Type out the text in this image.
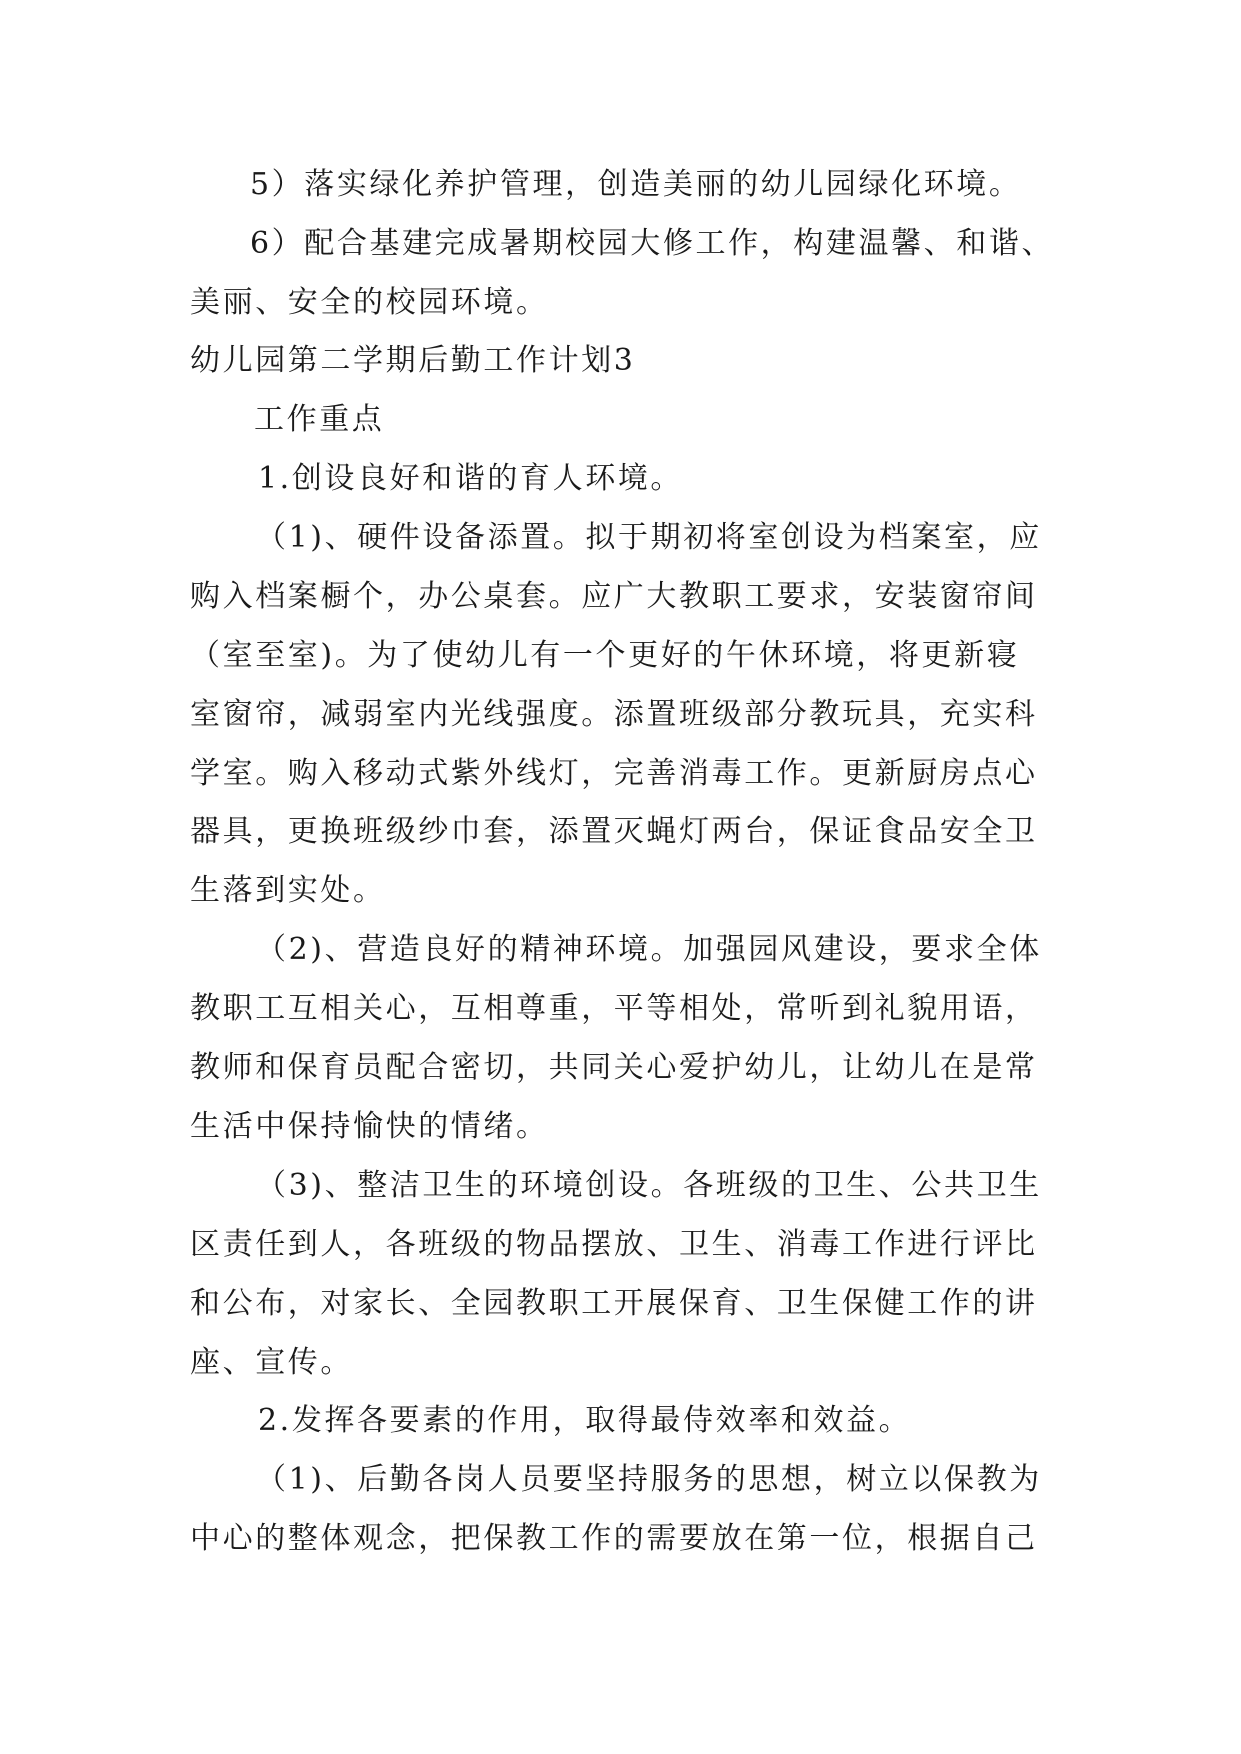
5）落实绿化养护管理，创造美丽的幼儿园绿化环境。
6）配合基建完成暑期校园大修工作，构建温馨、和谐、
美丽、安全的校园环境。
幼儿园第二学期后勤工作计划3
工作重点
1.创设良好和谐的育人环境。
（1)、硬件设备添置。拟于期初将室创设为档案室，应
购入档案橱个，办公桌套。应广大教职工要求，安装窗帘间
（室至室)。为了使幼儿有一个更好的午休环境，将更新寝
室窗帘，减弱室内光线强度。添置班级部分教玩具，充实科
学室。购入移动式紫外线灯，完善消毒工作。更新厨房点心
器具，更换班级纱巾套，添置灭蝇灯两台，保证食品安全卫
生落到实处。
（2)、营造良好的精神环境。加强园风建设，要求全体
教职工互相关心，互相尊重，平等相处，常听到礼貌用语，
教师和保育员配合密切，共同关心爱护幼儿，让幼儿在是常
生活中保持愉快的情绪。
（3)、整洁卫生的环境创设。各班级的卫生、公共卫生
区责任到人，各班级的物品摆放、卫生、消毒工作进行评比
和公布，对家长、全园教职工开展保育、卫生保健工作的讲
座、宣传。
2.发挥各要素的作用，取得最侍效率和效益。
（1)、后勤各岗人员要坚持服务的思想，树立以保教为
中心的整体观念，把保教工作的需要放在第一位，根据自己
